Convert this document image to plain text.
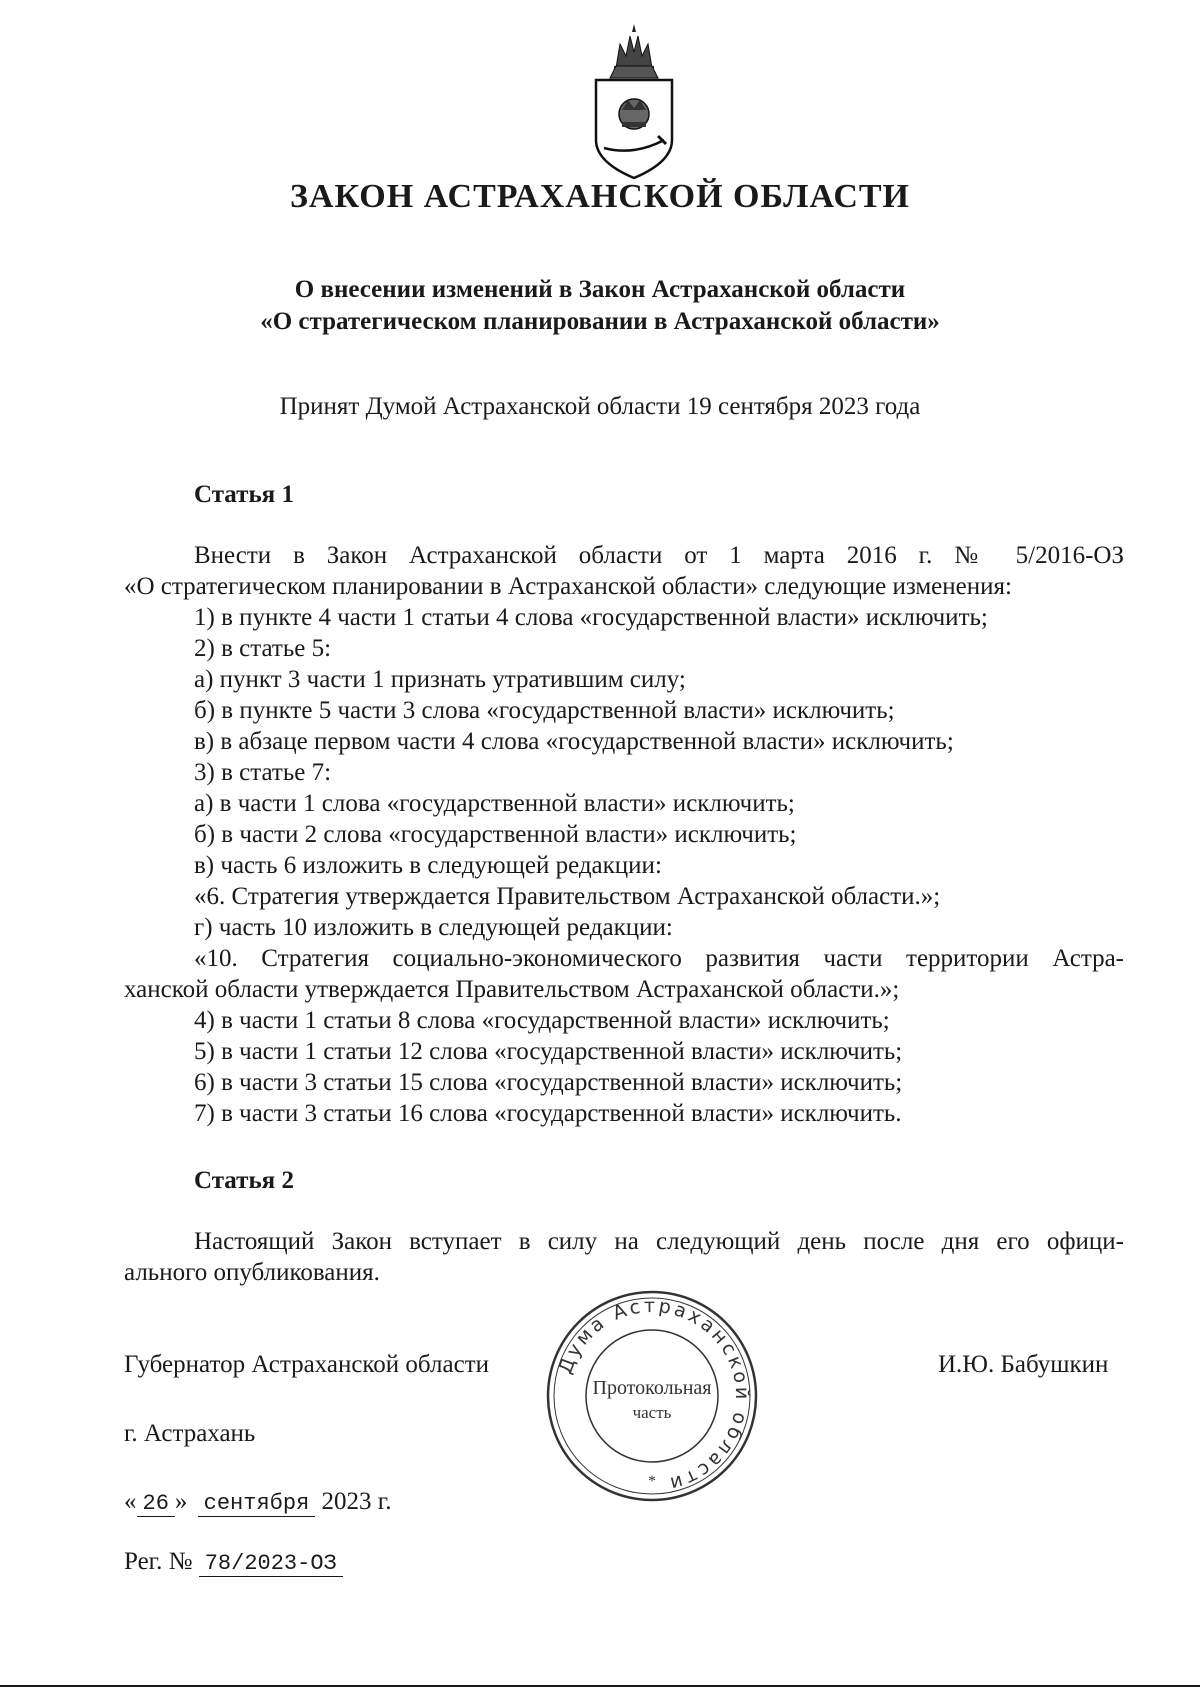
ЗАКОН АСТРАХАНСКОЙ ОБЛАСТИ
О внесении изменений в Закон Астраханской области
«О стратегическом планировании в Астраханской области»
Принят Думой Астраханской области 19 сентября 2023 года
Статья 1
Внести в Закон Астраханской области от 1 марта 2016 г. № 5/2016-ОЗ
«О стратегическом планировании в Астраханской области» следующие изменения:
1) в пункте 4 части 1 статьи 4 слова «государственной власти» исключить;
2) в статье 5:
а) пункт 3 части 1 признать утратившим силу;
б) в пункте 5 части 3 слова «государственной власти» исключить;
в) в абзаце первом части 4 слова «государственной власти» исключить;
3) в статье 7:
а) в части 1 слова «государственной власти» исключить;
б) в части 2 слова «государственной власти» исключить;
в) часть 6 изложить в следующей редакции:
«6. Стратегия утверждается Правительством Астраханской области.»;
г) часть 10 изложить в следующей редакции:
«10. Стратегия социально-экономического развития части территории Астра-
ханской области утверждается Правительством Астраханской области.»;
4) в части 1 статьи 8 слова «государственной власти» исключить;
5) в части 1 статьи 12 слова «государственной власти» исключить;
6) в части 3 статьи 15 слова «государственной власти» исключить;
7) в части 3 статьи 16 слова «государственной власти» исключить.
Статья 2
Настоящий Закон вступает в силу на следующий день после дня его офици-
ального опубликования.
Дума Астраханской области
Протокольная
часть
*
Губернатор Астраханской области	И.Ю. Бабушкин
г. Астрахань
« 26 » сентября 2023 г.
Рег. № 78/2023-ОЗ
